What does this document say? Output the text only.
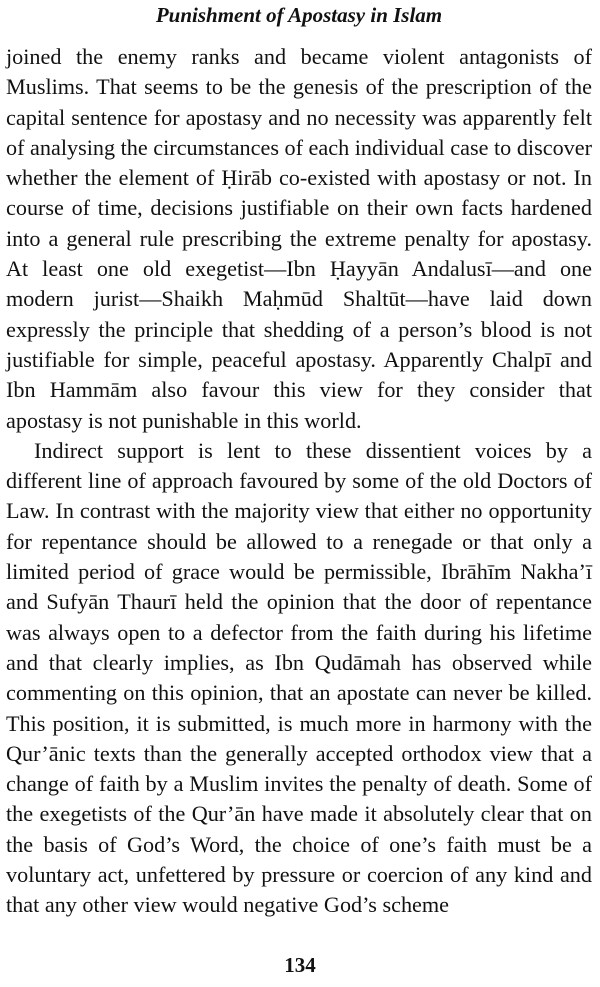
Punishment of Apostasy in Islam

joined the enemy ranks and became violent antagonists of Muslims. That seems to be the genesis of the prescription of the capital sentence for apostasy and no necessity was apparently felt of analysing the circumstances of each individual case to discover whether the element of Ḥirāb co-existed with apostasy or not. In course of time, decisions justifiable on their own facts hardened into a general rule prescribing the extreme penalty for apostasy. At least one old exegetist—Ibn Ḥayyān Andalusī—and one modern jurist—Shaikh Maḥmūd Shaltūt—have laid down expressly the principle that shedding of a person’s blood is not justifiable for simple, peaceful apostasy. Apparently Chalpī and Ibn Hammām also favour this view for they consider that apostasy is not punishable in this world.

Indirect support is lent to these dissentient voices by a different line of approach favoured by some of the old Doctors of Law. In contrast with the majority view that either no opportunity for repentance should be allowed to a renegade or that only a limited period of grace would be permissible, Ibrāhīm Nakha’ī and Sufyān Thaurī held the opinion that the door of repentance was always open to a defector from the faith during his lifetime and that clearly implies, as Ibn Qudāmah has observed while commenting on this opinion, that an apostate can never be killed. This position, it is submitted, is much more in harmony with the Qur’ānic texts than the generally accepted orthodox view that a change of faith by a Muslim invites the penalty of death. Some of the exegetists of the Qur’ān have made it absolutely clear that on the basis of God’s Word, the choice of one’s faith must be a voluntary act, unfettered by pressure or coercion of any kind and that any other view would negative God’s scheme

134
